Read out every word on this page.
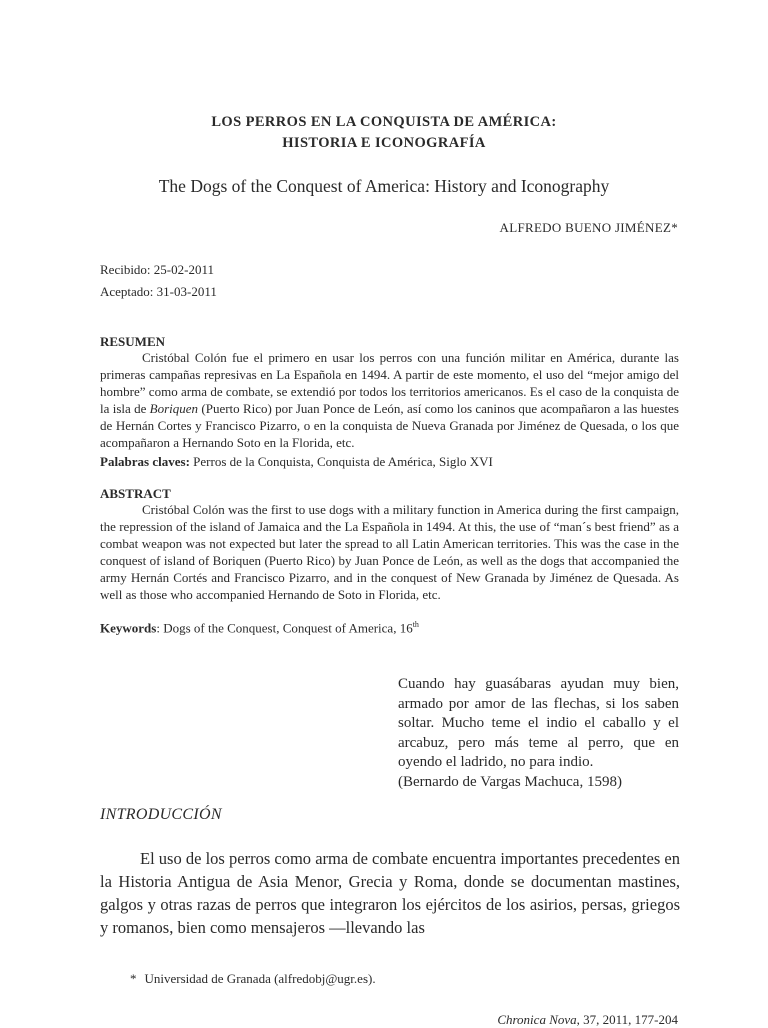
LOS PERROS EN LA CONQUISTA DE AMÉRICA:
HISTORIA E ICONOGRAFÍA
The Dogs of the Conquest of America: History and Iconography
ALFREDO BUENO JIMÉNEZ*
Recibido: 25-02-2011
Aceptado: 31-03-2011
RESUMEN
Cristóbal Colón fue el primero en usar los perros con una función militar en América, durante las primeras campañas represivas en La Española en 1494. A partir de este momento, el uso del “mejor amigo del hombre” como arma de combate, se extendió por todos los territorios americanos. Es el caso de la conquista de la isla de Boriquen (Puerto Rico) por Juan Ponce de León, así como los caninos que acompañaron a las huestes de Hernán Cortes y Francisco Pizarro, o en la conquista de Nueva Granada por Jiménez de Quesada, o los que acompañaron a Hernando Soto en la Florida, etc.
Palabras claves: Perros de la Conquista, Conquista de América, Siglo XVI
ABSTRACT
Cristóbal Colón was the first to use dogs with a military function in America during the first campaign, the repression of the island of Jamaica and the La Española in 1494. At this, the use of “man´s best friend” as a combat weapon was not expected but later the spread to all Latin American territories. This was the case in the conquest of island of Boriquen (Puerto Rico) by Juan Ponce de León, as well as the dogs that accompanied the army Hernán Cortés and Francisco Pizarro, and in the conquest of New Granada by Jiménez de Quesada. As well as those who accompanied Hernando de Soto in Florida, etc.
Keywords: Dogs of the Conquest, Conquest of America, 16th
Cuando hay guasábaras ayudan muy bien, armado por amor de las flechas, si los saben soltar. Mucho teme el indio el caballo y el arcabuz, pero más teme al perro, que en oyendo el ladrido, no para indio.
(Bernardo de Vargas Machuca, 1598)
INTRODUCCIÓN
El uso de los perros como arma de combate encuentra importantes precedentes en la Historia Antigua de Asia Menor, Grecia y Roma, donde se documentan mastines, galgos y otras razas de perros que integraron los ejércitos de los asirios, persas, griegos y romanos, bien como mensajeros —llevando las
* Universidad de Granada (alfredobj@ugr.es).
Chronica Nova, 37, 2011, 177-204
